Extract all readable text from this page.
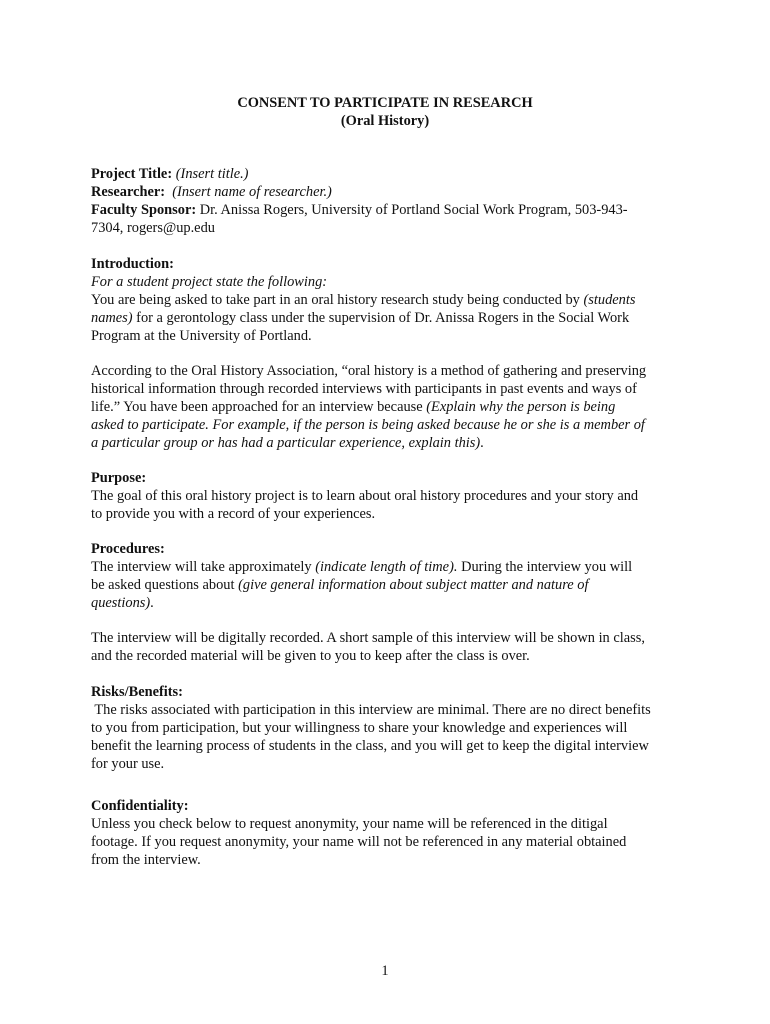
CONSENT TO PARTICIPATE IN RESEARCH

(Oral History)

Project Title: (Insert title.)

Researcher: (Insert name of researcher.)

Faculty Sponsor: Dr. Anissa Rogers, University of Portland Social Work Program, 503-943-

7304, rogers@up.edu

Introduction:

For a student project state the following:

You are being asked to take part in an oral history research study being conducted by (students

names) for a gerontology class under the supervision of Dr. Anissa Rogers in the Social Work

Program at the University of Portland.

According to the Oral History Association, “oral history is a method of gathering and preserving

historical information through recorded interviews with participants in past events and ways of

life.” You have been approached for an interview because (Explain why the person is being

asked to participate. For example, if the person is being asked because he or she is a member of

a particular group or has had a particular experience, explain this).

Purpose:

The goal of this oral history project is to learn about oral history procedures and your story and

to provide you with a record of your experiences.

Procedures:

The interview will take approximately (indicate length of time). During the interview you will

be asked questions about (give general information about subject matter and nature of

questions).

The interview will be digitally recorded. A short sample of this interview will be shown in class,

and the recorded material will be given to you to keep after the class is over.

Risks/Benefits:

The risks associated with participation in this interview are minimal. There are no direct benefits

to you from participation, but your willingness to share your knowledge and experiences will

benefit the learning process of students in the class, and you will get to keep the digital interview

for your use.

Confidentiality:

Unless you check below to request anonymity, your name will be referenced in the ditigal

footage. If you request anonymity, your name will not be referenced in any material obtained

from the interview.

1
